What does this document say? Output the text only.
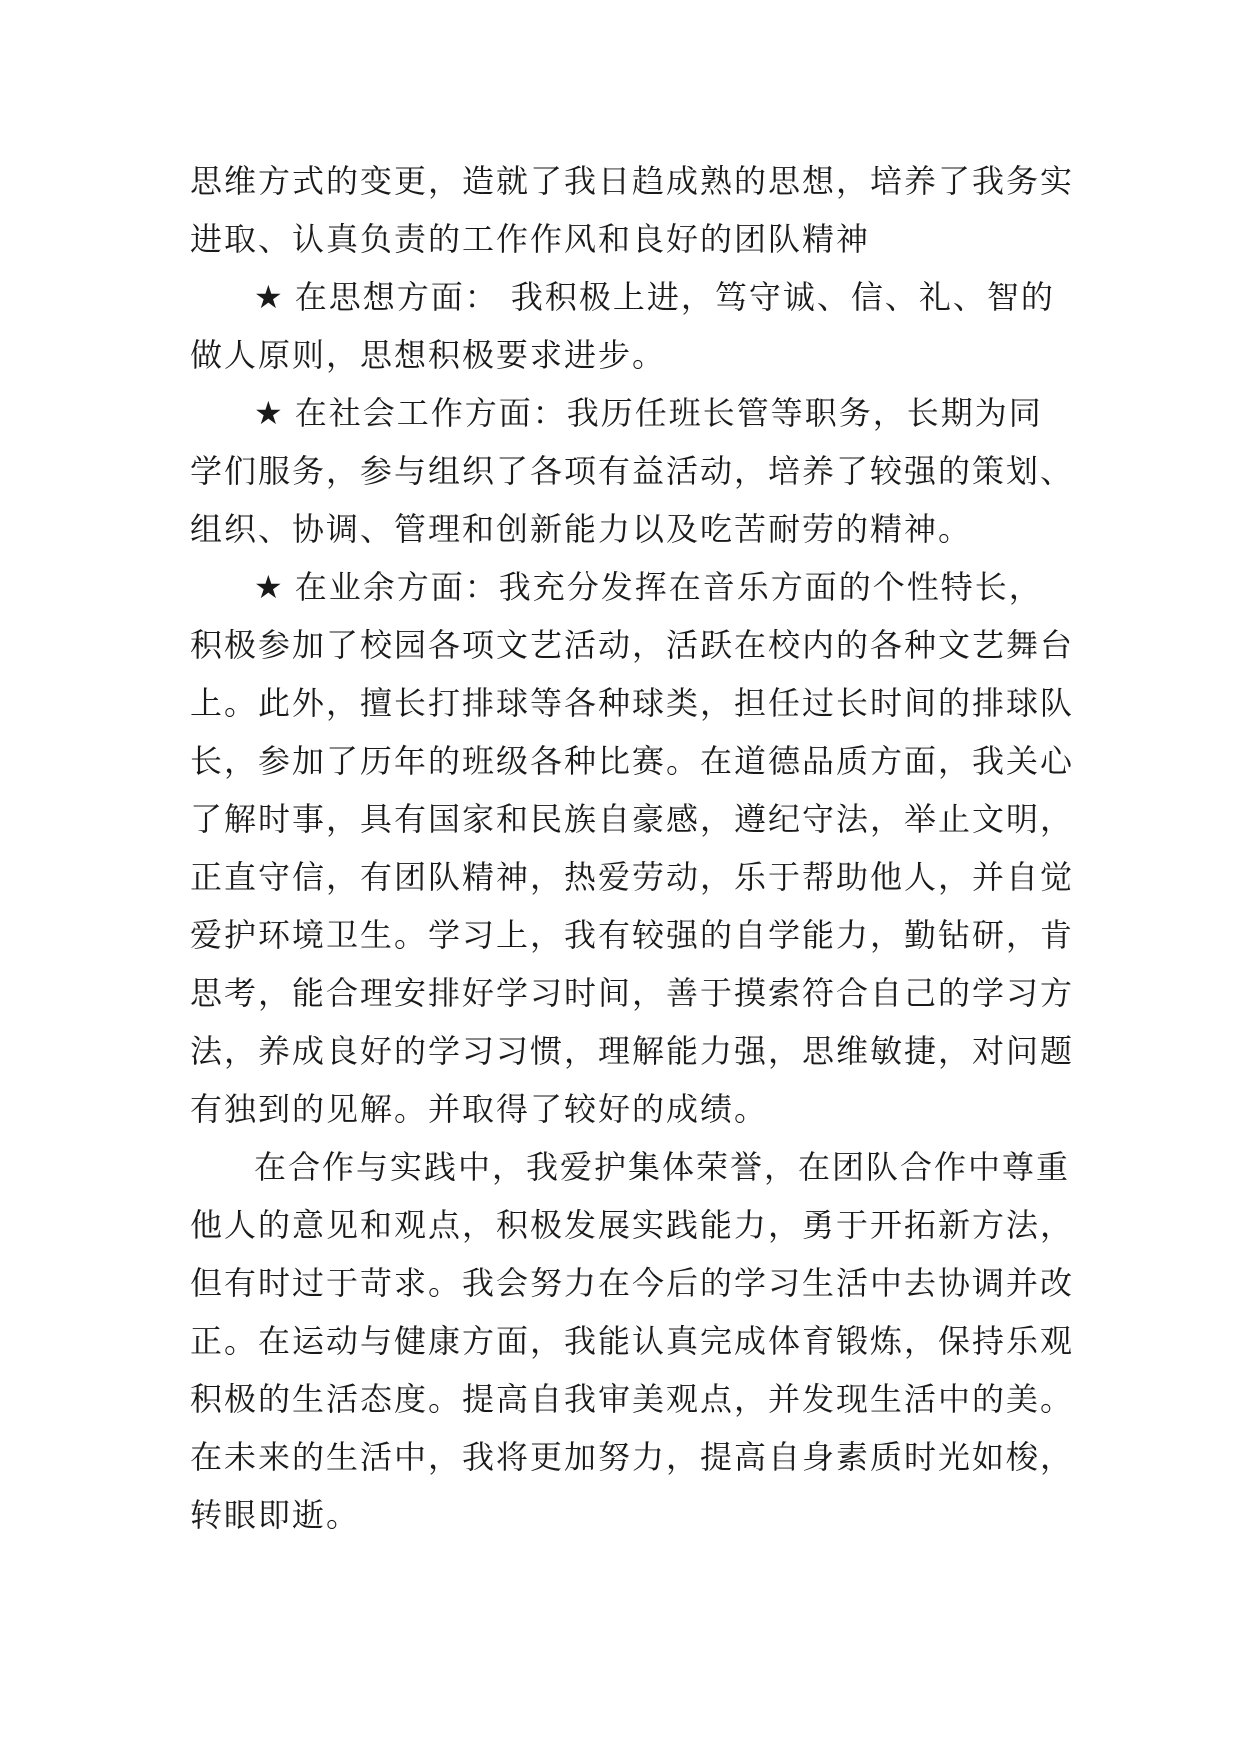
思维方式的变更，造就了我日趋成熟的思想，培养了我务实
进取、认真负责的工作作风和良好的团队精神
★ 在思想方面： 我积极上进，笃守诚、信、礼、智的
做人原则，思想积极要求进步。
★ 在社会工作方面：我历任班长管等职务，长期为同
学们服务，参与组织了各项有益活动，培养了较强的策划、
组织、协调、管理和创新能力以及吃苦耐劳的精神。
★ 在业余方面：我充分发挥在音乐方面的个性特长，
积极参加了校园各项文艺活动，活跃在校内的各种文艺舞台
上。此外，擅长打排球等各种球类，担任过长时间的排球队
长，参加了历年的班级各种比赛。在道德品质方面，我关心
了解时事，具有国家和民族自豪感，遵纪守法，举止文明，
正直守信，有团队精神，热爱劳动，乐于帮助他人，并自觉
爱护环境卫生。学习上，我有较强的自学能力，勤钻研，肯
思考，能合理安排好学习时间，善于摸索符合自己的学习方
法，养成良好的学习习惯，理解能力强，思维敏捷，对问题
有独到的见解。并取得了较好的成绩。
在合作与实践中，我爱护集体荣誉，在团队合作中尊重
他人的意见和观点，积极发展实践能力，勇于开拓新方法，
但有时过于苛求。我会努力在今后的学习生活中去协调并改
正。在运动与健康方面，我能认真完成体育锻炼，保持乐观
积极的生活态度。提高自我审美观点，并发现生活中的美。
在未来的生活中，我将更加努力，提高自身素质时光如梭，
转眼即逝。
